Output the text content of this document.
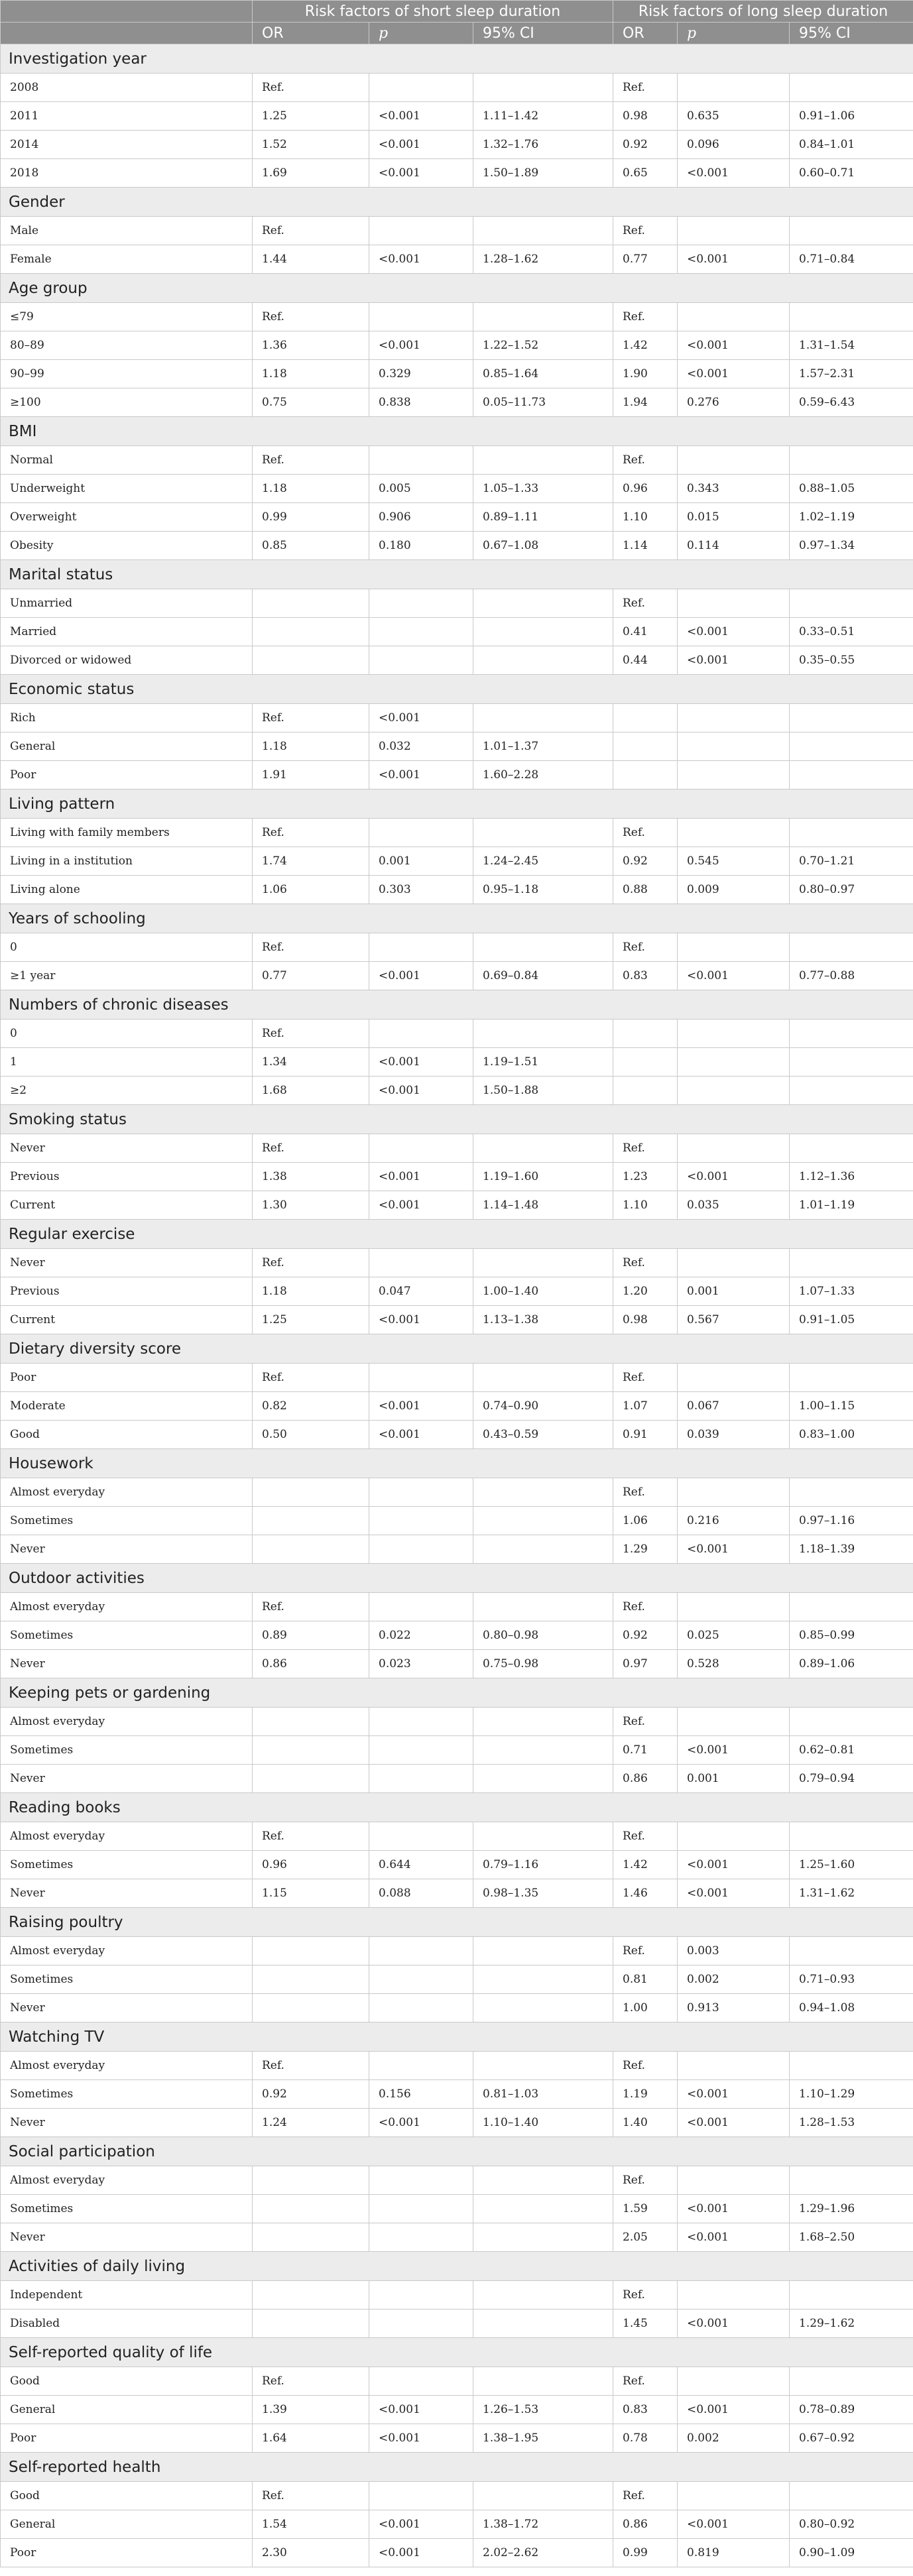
	Risk factors of short sleep duration			Risk factors of long sleep duration		
	OR	p	95% CI	OR	p	95% CI
Investigation year						
2008	Ref.			Ref.		
2011	1.25	<0.001	1.11–1.42	0.98	0.635	0.91–1.06
2014	1.52	<0.001	1.32–1.76	0.92	0.096	0.84–1.01
2018	1.69	<0.001	1.50–1.89	0.65	<0.001	0.60–0.71
Gender						
Male	Ref.			Ref.		
Female	1.44	<0.001	1.28–1.62	0.77	<0.001	0.71–0.84
Age group						
≤79	Ref.			Ref.		
80–89	1.36	<0.001	1.22–1.52	1.42	<0.001	1.31–1.54
90–99	1.18	0.329	0.85–1.64	1.90	<0.001	1.57–2.31
≥100	0.75	0.838	0.05–11.73	1.94	0.276	0.59–6.43
BMI						
Normal	Ref.			Ref.		
Underweight	1.18	0.005	1.05–1.33	0.96	0.343	0.88–1.05
Overweight	0.99	0.906	0.89–1.11	1.10	0.015	1.02–1.19
Obesity	0.85	0.180	0.67–1.08	1.14	0.114	0.97–1.34
Marital status						
Unmarried				Ref.		
Married				0.41	<0.001	0.33–0.51
Divorced or widowed				0.44	<0.001	0.35–0.55
Economic status						
Rich	Ref.	<0.001				
General	1.18	0.032	1.01–1.37			
Poor	1.91	<0.001	1.60–2.28			
Living pattern						
Living with family members	Ref.			Ref.		
Living in a institution	1.74	0.001	1.24–2.45	0.92	0.545	0.70–1.21
Living alone	1.06	0.303	0.95–1.18	0.88	0.009	0.80–0.97
Years of schooling						
0	Ref.			Ref.		
≥1 year	0.77	<0.001	0.69–0.84	0.83	<0.001	0.77–0.88
Numbers of chronic diseases						
0	Ref.					
1	1.34	<0.001	1.19–1.51			
≥2	1.68	<0.001	1.50–1.88			
Smoking status						
Never	Ref.			Ref.		
Previous	1.38	<0.001	1.19–1.60	1.23	<0.001	1.12–1.36
Current	1.30	<0.001	1.14–1.48	1.10	0.035	1.01–1.19
Regular exercise						
Never	Ref.			Ref.		
Previous	1.18	0.047	1.00–1.40	1.20	0.001	1.07–1.33
Current	1.25	<0.001	1.13–1.38	0.98	0.567	0.91–1.05
Dietary diversity score						
Poor	Ref.			Ref.		
Moderate	0.82	<0.001	0.74–0.90	1.07	0.067	1.00–1.15
Good	0.50	<0.001	0.43–0.59	0.91	0.039	0.83–1.00
Housework						
Almost everyday				Ref.		
Sometimes				1.06	0.216	0.97–1.16
Never				1.29	<0.001	1.18–1.39
Outdoor activities						
Almost everyday	Ref.			Ref.		
Sometimes	0.89	0.022	0.80–0.98	0.92	0.025	0.85–0.99
Never	0.86	0.023	0.75–0.98	0.97	0.528	0.89–1.06
Keeping pets or gardening						
Almost everyday				Ref.		
Sometimes				0.71	<0.001	0.62–0.81
Never				0.86	0.001	0.79–0.94
Reading books						
Almost everyday	Ref.			Ref.		
Sometimes	0.96	0.644	0.79–1.16	1.42	<0.001	1.25–1.60
Never	1.15	0.088	0.98–1.35	1.46	<0.001	1.31–1.62
Raising poultry						
Almost everyday				Ref.	0.003	
Sometimes				0.81	0.002	0.71–0.93
Never				1.00	0.913	0.94–1.08
Watching TV						
Almost everyday	Ref.			Ref.		
Sometimes	0.92	0.156	0.81–1.03	1.19	<0.001	1.10–1.29
Never	1.24	<0.001	1.10–1.40	1.40	<0.001	1.28–1.53
Social participation						
Almost everyday				Ref.		
Sometimes				1.59	<0.001	1.29–1.96
Never				2.05	<0.001	1.68–2.50
Activities of daily living						
Independent				Ref.		
Disabled				1.45	<0.001	1.29–1.62
Self-reported quality of life						
Good	Ref.			Ref.		
General	1.39	<0.001	1.26–1.53	0.83	<0.001	0.78–0.89
Poor	1.64	<0.001	1.38–1.95	0.78	0.002	0.67–0.92
Self-reported health						
Good	Ref.			Ref.		
General	1.54	<0.001	1.38–1.72	0.86	<0.001	0.80–0.92
Poor	2.30	<0.001	2.02–2.62	0.99	0.819	0.90–1.09
